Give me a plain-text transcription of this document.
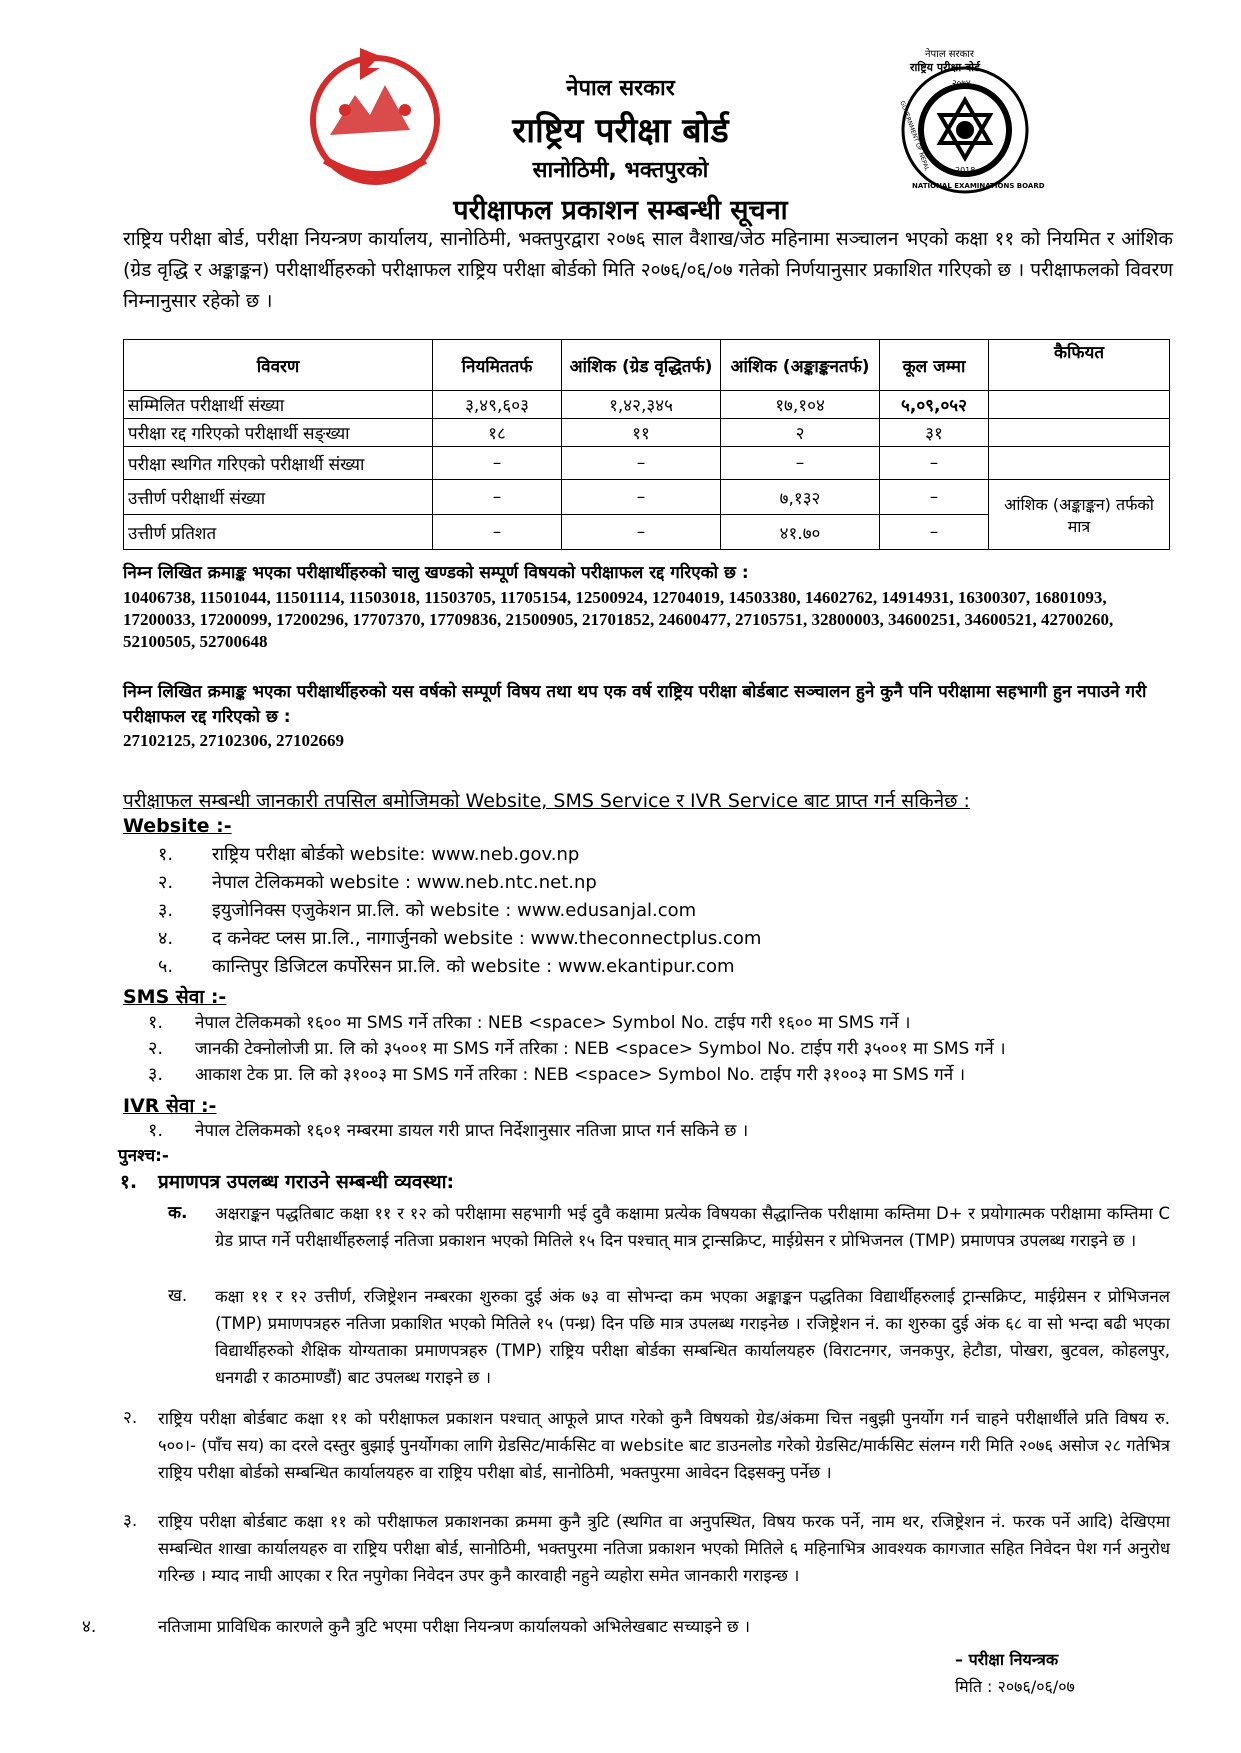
नेपाल सरकार
राष्ट्रिय परीक्षा बोर्ड
२०७४
GOVERNMENT OF NEPAL
NATIONAL EXAMINATIONS BOARD
2018
नेपाल सरकार
राष्ट्रिय परीक्षा बोर्ड
सानोठिमी, भक्तपुरको
परीक्षाफल प्रकाशन सम्बन्धी सूचना
राष्ट्रिय परीक्षा बोर्ड, परीक्षा नियन्त्रण कार्यालय, सानोठिमी, भक्तपुरद्वारा २०७६ साल वैशाख/जेठ महिनामा सञ्चालन भएको कक्षा ११ को नियमित र आंशिक (ग्रेड वृद्धि र अङ्काङ्कन) परीक्षार्थीहरुको परीक्षाफल राष्ट्रिय परीक्षा बोर्डको मिति २०७६/०६/०७ गतेको निर्णयानुसार प्रकाशित गरिएको छ । परीक्षाफलको विवरण निम्नानुसार रहेको छ ।
विवरण	नियमिततर्फ	आंशिक (ग्रेड वृद्धितर्फ)	आंशिक (अङ्काङ्कनतर्फ)	कूल जम्मा	कैफियत
सम्मिलित परीक्षार्थी संख्या	३,४९,६०३	१,४२,३४५	१७,१०४	५,०९,०५२	
परीक्षा रद्द गरिएको परीक्षार्थी सङ्ख्या	१८	११	२	३१	
परीक्षा स्थगित गरिएको परीक्षार्थी संख्या	–	–	–	–	
उत्तीर्ण परीक्षार्थी संख्या	–	–	७,१३२	–	आंशिक (अङ्काङ्कन) तर्फको मात्र
उत्तीर्ण प्रतिशत	–	–	४१.७०	–	
निम्न लिखित क्रमाङ्क भएका परीक्षार्थीहरुको चालु खण्डको सम्पूर्ण विषयको परीक्षाफल रद्द गरिएको छ :
10406738, 11501044, 11501114, 11503018, 11503705, 11705154, 12500924, 12704019, 14503380, 14602762, 14914931, 16300307, 16801093, 17200033, 17200099, 17200296, 17707370, 17709836, 21500905, 21701852, 24600477, 27105751, 32800003, 34600251, 34600521, 42700260, 52100505, 52700648
निम्न लिखित क्रमाङ्क भएका परीक्षार्थीहरुको यस वर्षको सम्पूर्ण विषय तथा थप एक वर्ष राष्ट्रिय परीक्षा बोर्डबाट सञ्चालन हुने कुनै पनि परीक्षामा सहभागी हुन नपाउने गरी परीक्षाफल रद्द गरिएको छ :
27102125, 27102306, 27102669
परीक्षाफल सम्बन्धी जानकारी तपसिल बमोजिमको Website, SMS Service र IVR Service बाट प्राप्त गर्न सकिनेछ :
Website :-
१. राष्ट्रिय परीक्षा बोर्डको website: www.neb.gov.np
२. नेपाल टेलिकमको website : www.neb.ntc.net.np
३. इयुजोनिक्स एजुकेशन प्रा.लि. को website : www.edusanjal.com
४. द कनेक्ट प्लस प्रा.लि., नागार्जुनको website : www.theconnectplus.com
५. कान्तिपुर डिजिटल कर्पोरेसन प्रा.लि. को website : www.ekantipur.com
SMS सेवा :-
१. नेपाल टेलिकमको १६०० मा SMS गर्ने तरिका : NEB <space> Symbol No. टाईप गरी १६०० मा SMS गर्ने ।
२. जानकी टेक्नोलोजी प्रा. लि को ३५००१ मा SMS गर्ने तरिका : NEB <space> Symbol No. टाईप गरी ३५००१ मा SMS गर्ने ।
३. आकाश टेक प्रा. लि को ३१००३ मा SMS गर्ने तरिका : NEB <space> Symbol No. टाईप गरी ३१००३ मा SMS गर्ने ।
IVR सेवा :-
१. नेपाल टेलिकमको १६०१ नम्बरमा डायल गरी प्राप्त निर्देशानुसार नतिजा प्राप्त गर्न सकिने छ ।
पुनश्च:-
१. प्रमाणपत्र उपलब्ध गराउने सम्बन्धी व्यवस्था:
क. अक्षराङ्कन पद्धतिबाट कक्षा ११ र १२ को परीक्षामा सहभागी भई दुवै कक्षामा प्रत्येक विषयका सैद्धान्तिक परीक्षामा कम्तिमा D+ र प्रयोगात्मक परीक्षामा कम्तिमा C ग्रेड प्राप्त गर्ने परीक्षार्थीहरुलाई नतिजा प्रकाशन भएको मितिले १५ दिन पश्चात् मात्र ट्रान्सक्रिप्ट, माईग्रेसन र प्रोभिजनल (TMP) प्रमाणपत्र उपलब्ध गराइने छ ।
ख. कक्षा ११ र १२ उत्तीर्ण, रजिष्ट्रेशन नम्बरका शुरुका दुई अंक ७३ वा सोभन्दा कम भएका अङ्काङ्कन पद्धतिका विद्यार्थीहरुलाई ट्रान्सक्रिप्ट, माईग्रेसन र प्रोभिजनल (TMP) प्रमाणपत्रहरु नतिजा प्रकाशित भएको मितिले १५ (पन्ध्र) दिन पछि मात्र उपलब्ध गराइनेछ । रजिष्ट्रेशन नं. का शुरुका दुई अंक ६८ वा सो भन्दा बढी भएका विद्यार्थीहरुको शैक्षिक योग्यताका प्रमाणपत्रहरु (TMP) राष्ट्रिय परीक्षा बोर्डका सम्बन्धित कार्यालयहरु (विराटनगर, जनकपुर, हेटौडा, पोखरा, बुटवल, कोहलपुर, धनगढी र काठमाण्डौं) बाट उपलब्ध गराइने छ ।
२. राष्ट्रिय परीक्षा बोर्डबाट कक्षा ११ को परीक्षाफल प्रकाशन पश्चात् आफूले प्राप्त गरेको कुनै विषयको ग्रेड/अंकमा चित्त नबुझी पुनर्योग गर्न चाहने परीक्षार्थीले प्रति विषय रु. ५००।- (पाँच सय) का दरले दस्तुर बुझाई पुनर्योगका लागि ग्रेडसिट/मार्कसिट वा website बाट डाउनलोड गरेको ग्रेडसिट/मार्कसिट संलग्न गरी मिति २०७६ असोज २८ गतेभित्र राष्ट्रिय परीक्षा बोर्डको सम्बन्धित कार्यालयहरु वा राष्ट्रिय परीक्षा बोर्ड, सानोठिमी, भक्तपुरमा आवेदन दिइसक्नु पर्नेछ ।
३. राष्ट्रिय परीक्षा बोर्डबाट कक्षा ११ को परीक्षाफल प्रकाशनका क्रममा कुनै त्रुटि (स्थगित वा अनुपस्थित, विषय फरक पर्ने, नाम थर, रजिष्ट्रेशन नं. फरक पर्ने आदि) देखिएमा सम्बन्धित शाखा कार्यालयहरु वा राष्ट्रिय परीक्षा बोर्ड, सानोठिमी, भक्तपुरमा नतिजा प्रकाशन भएको मितिले ६ महिनाभित्र आवश्यक कागजात सहित निवेदन पेश गर्न अनुरोध गरिन्छ । म्याद नाघी आएका र रित नपुगेका निवेदन उपर कुनै कारवाही नहुने व्यहोरा समेत जानकारी गराइन्छ ।
४.	नतिजामा प्राविधिक कारणले कुनै त्रुटि भएमा परीक्षा नियन्त्रण कार्यालयको अभिलेखबाट सच्याइने छ ।
– परीक्षा नियन्त्रक
मिति : २०७६/०६/०७
